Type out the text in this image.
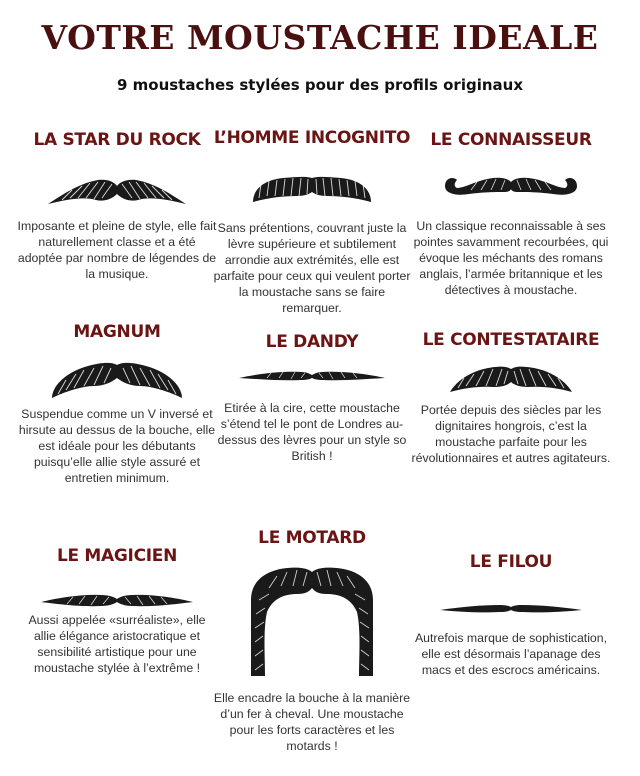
VOTRE MOUSTACHE IDEALE
9 moustaches stylées pour des profils originaux
LA STAR DU ROCK
Imposante et pleine de style, elle fait naturellement classe et a été adoptée par nombre de légendes de la musique.
MAGNUM
Suspendue comme un V inversé et hirsute au dessus de la bouche, elle est idéale pour les débutants puisqu’elle allie style assuré et entretien minimum.
LE MAGICIEN
Aussi appelée «surréaliste», elle allie élégance aristocratique et sensibilité artistique pour une moustache stylée à l’extrême !
L’HOMME INCOGNITO
Sans prétentions, couvrant juste la lèvre supérieure et subtilement arrondie aux extrémités, elle est parfaite pour ceux qui veulent porter la moustache sans se faire remarquer.
LE DANDY
Etirée à la cire, cette moustache s’étend tel le pont de Londres au-dessus des lèvres pour un style so British !
LE MOTARD
Elle encadre la bouche à la manière d’un fer à cheval. Une moustache pour les forts caractères et les motards !
LE CONNAISSEUR
Un classique reconnaissable à ses pointes savamment recourbées, qui évoque les méchants des romans anglais, l’armée britannique et les détectives à moustache.
LE CONTESTATAIRE
Portée depuis des siècles par les dignitaires hongrois, c’est la moustache parfaite pour les révolutionnaires et autres agitateurs.
LE FILOU
Autrefois marque de sophistication, elle est désormais l’apanage des macs et des escrocs américains.
